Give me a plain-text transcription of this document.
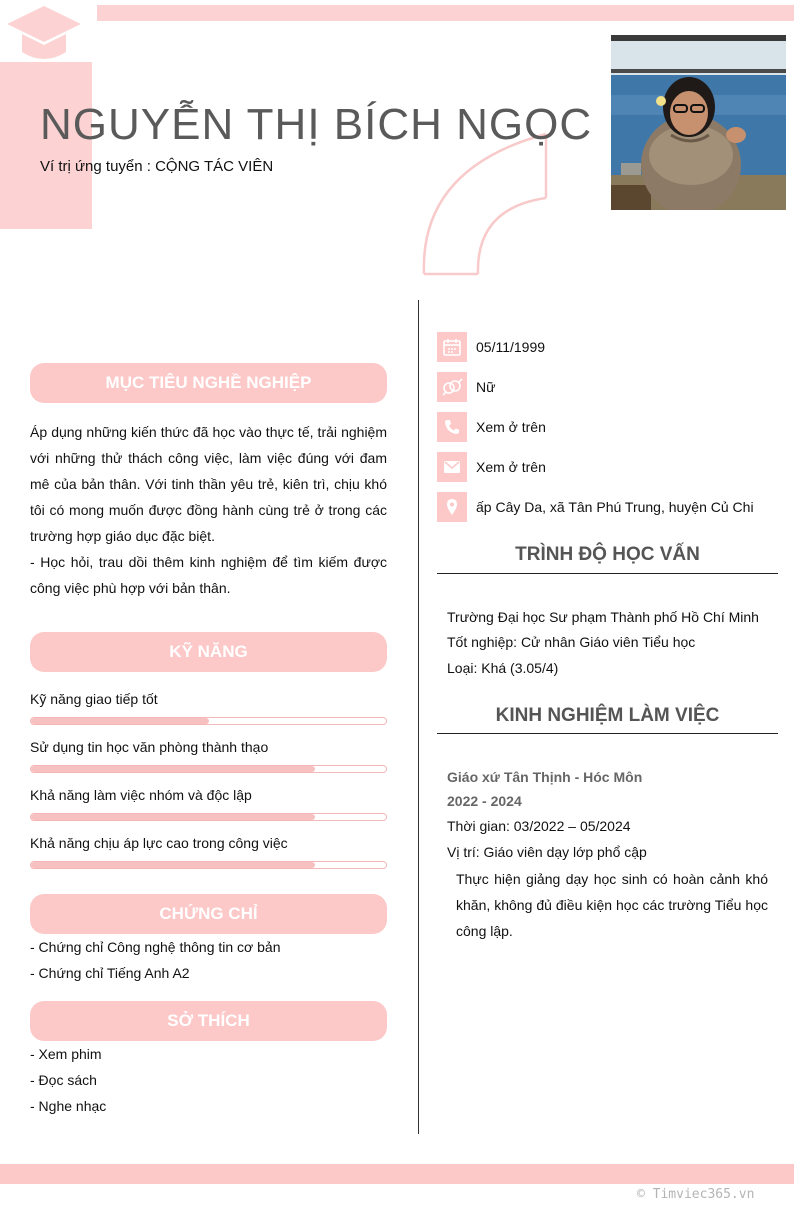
NGUYỄN THỊ BÍCH NGỌC
Ví trị ứng tuyển : CỘNG TÁC VIÊN
MỤC TIÊU NGHỀ NGHIỆP
Áp dụng những kiến thức đã học vào thực tế, trải nghiệm với những thử thách công việc, làm việc đúng với đam mê của bản thân. Với tinh thần yêu trẻ, kiên trì, chịu khó tôi có mong muốn được đồng hành cùng trẻ ở trong các trường hợp giáo dục đặc biệt.
- Học hỏi, trau dồi thêm kinh nghiệm để tìm kiếm được công việc phù hợp với bản thân.
KỸ NĂNG
Kỹ năng giao tiếp tốt
Sử dụng tin học văn phòng thành thạo
Khả năng làm việc nhóm và độc lập
Khả năng chịu áp lực cao trong công việc
CHỨNG CHỈ
- Chứng chỉ Công nghệ thông tin cơ bản
- Chứng chỉ Tiếng Anh A2
SỞ THÍCH
- Xem phim
- Đọc sách
- Nghe nhạc
05/11/1999
Nữ
Xem ở trên
Xem ở trên
ấp Cây Da, xã Tân Phú Trung, huyện Củ Chi
TRÌNH ĐỘ HỌC VẤN
Trường Đại học Sư phạm Thành phố Hồ Chí Minh
Tốt nghiệp: Cử nhân Giáo viên Tiểu học
Loại: Khá (3.05/4)
KINH NGHIỆM LÀM VIỆC
Giáo xứ Tân Thịnh - Hóc Môn
2022 - 2024
Thời gian: 03/2022 – 05/2024
Vị trí: Giáo viên dạy lớp phổ cập
Thực hiện giảng dạy học sinh có hoàn cảnh khó khăn, không đủ điều kiện học các trường Tiểu học công lập.
© Timviec365.vn
